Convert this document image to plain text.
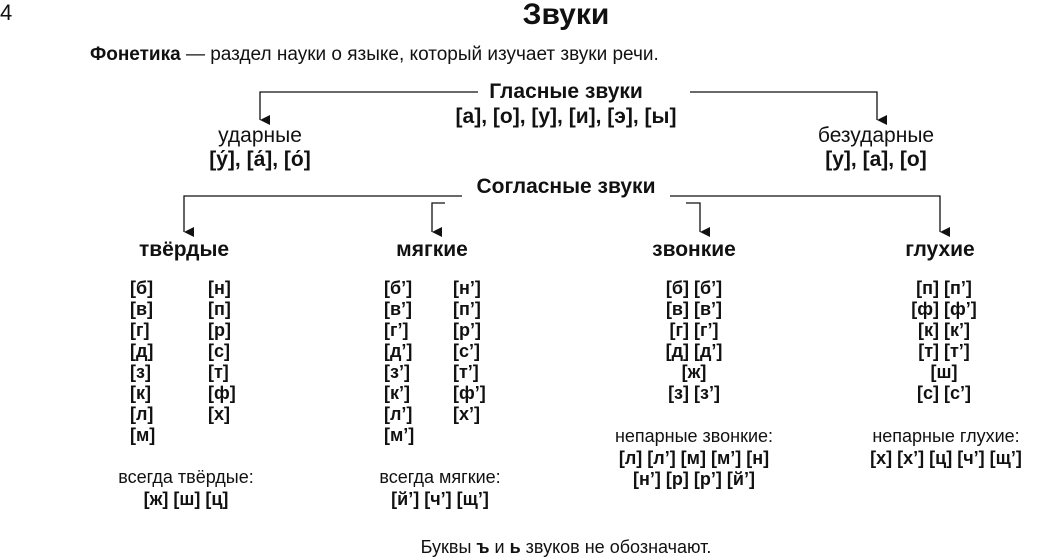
4	Звуки
Фонетика — раздел науки о языке, который изучает звуки речи.
Гласные звуки
[а], [о], [у], [и], [э], [ы]
ударные
[у́], [а́], [о́]
безударные
[у], [а], [о]
Согласные звуки
твёрдые
[б]
[в]
[г]
[д]
[з]
[к]
[л]
[м]
[н]
[п]
[р]
[с]
[т]
[ф]
[х]
всегда твёрдые:
[ж] [ш] [ц]
мягкие
[б’]
[в’]
[г’]
[д’]
[з’]
[к’]
[л’]
[м’]
[н’]
[п’]
[р’]
[с’]
[т’]
[ф’]
[х’]
всегда мягкие:
[й’] [ч’] [щ’]
звонкие
[б] [б’]
[в] [в’]
[г] [г’]
[д] [д’]
[ж]
[з] [з’]
непарные звонкие:
[л] [л’] [м] [м’] [н]
[н’] [р] [р’] [й’]
глухие
[п] [п’]
[ф] [ф’]
[к] [к’]
[т] [т’]
[ш]
[с] [с’]
непарные глухие:
[х] [х’] [ц] [ч’] [щ’]
Буквы ъ и ь звуков не обозначают.
